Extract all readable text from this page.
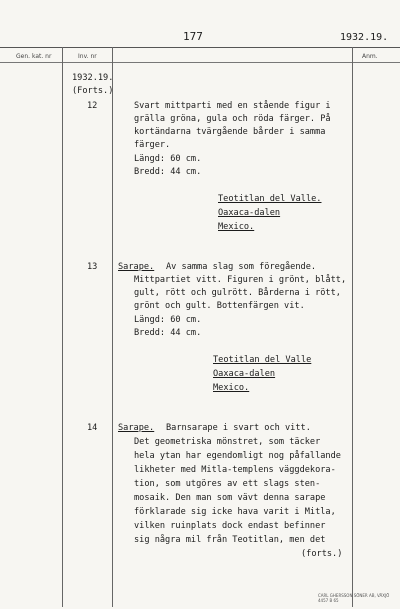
177	1932.19.
Gen. kat. nr	Inv. nr	Anm.
1932.19.
(Forts.)
12	Svart mittparti med en stående figur i
grälla gröna, gula och röda färger. På
kortändarna tvärgående bårder i samma
färger.
Längd: 60 cm.
Bredd: 44 cm.
Teotitlan del Valle.
Oaxaca-dalen
Mexico.
13 Sarape. Av samma slag som föregående.
Mittpartiet vitt. Figuren i grönt, blått,
gult, rött och gulrött. Bårderna i rött,
grönt och gult. Bottenfärgen vit.
Längd: 60 cm.
Bredd: 44 cm.
Teotitlan del Valle
Oaxaca-dalen
Mexico.
14 Sarape. Barnsarape i svart och vitt.
Det geometriska mönstret, som täcker
hela ytan har egendomligt nog påfallande
likheter med Mitla-templens väggdekora-
tion, som utgöres av ett slags sten-
mosaik. Den man som vävt denna sarape
förklarade sig icke hava varit i Mitla,
vilken ruinplats dock endast befinner
sig några mil från Teotitlan, men det
(forts.)
CARL GHERSSON SÖNER AB, VÄXJÖ 4457 B 65
